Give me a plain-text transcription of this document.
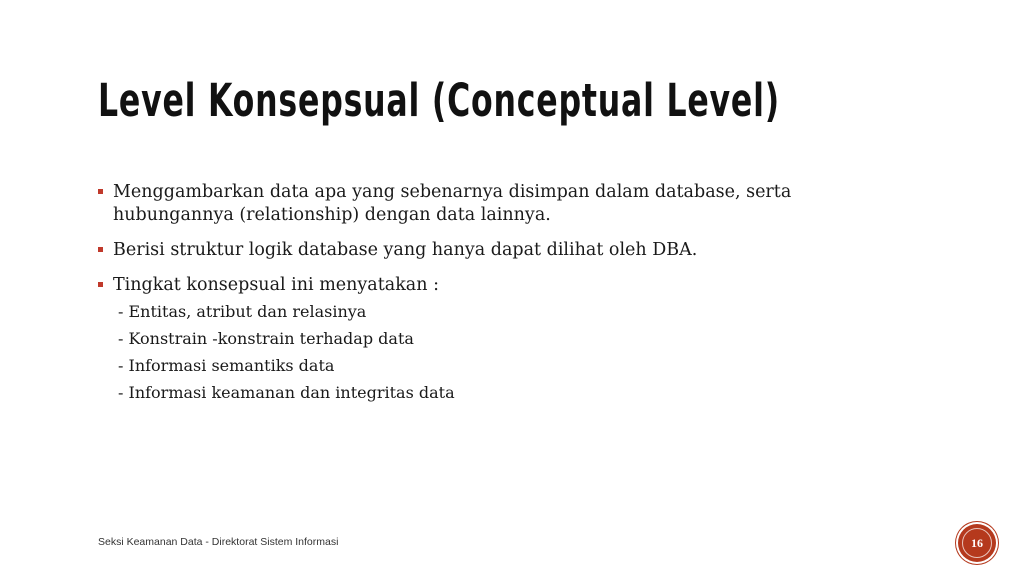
Level Konsepsual (Conceptual Level)
Menggambarkan data apa yang sebenarnya disimpan dalam database, serta hubungannya (relationship) dengan data lainnya.
Berisi struktur logik database yang hanya dapat dilihat oleh DBA.
Tingkat konsepsual ini menyatakan :
- Entitas, atribut dan relasinya
- Konstrain -konstrain terhadap data
- Informasi semantiks data
- Informasi keamanan dan integritas data
Seksi Keamanan Data - Direktorat Sistem Informasi	16
